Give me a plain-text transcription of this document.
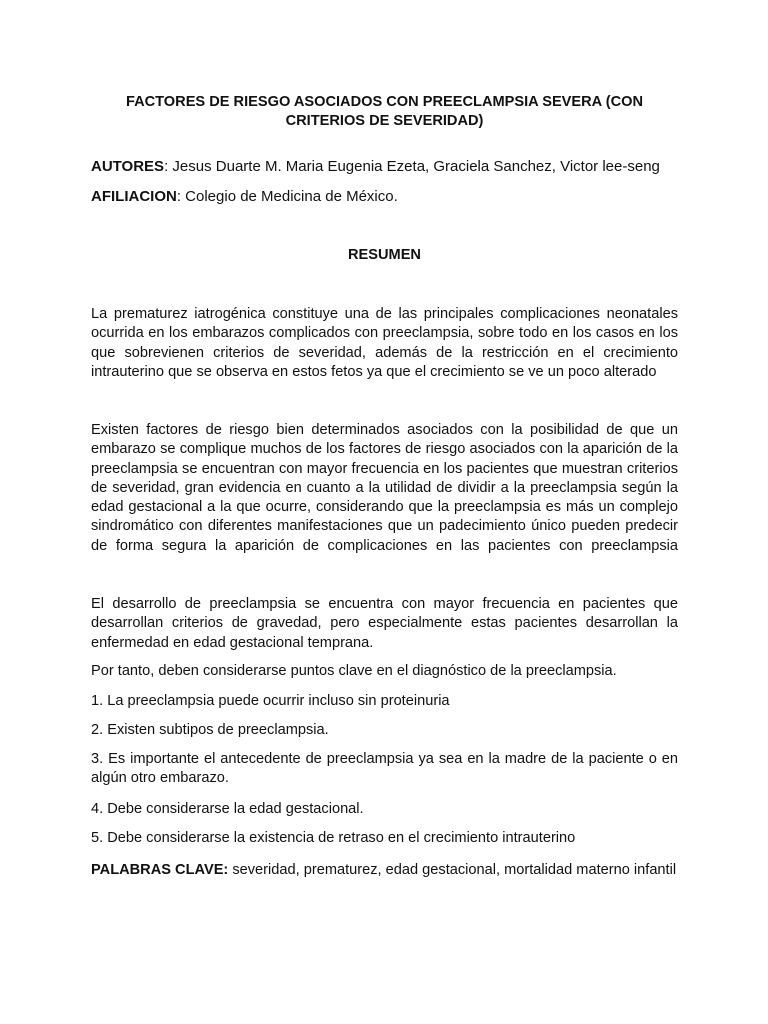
FACTORES DE RIESGO ASOCIADOS CON PREECLAMPSIA SEVERA (CON CRITERIOS DE SEVERIDAD)
AUTORES: Jesus Duarte M. Maria Eugenia Ezeta, Graciela Sanchez, Victor lee-seng
AFILIACION: Colegio de Medicina de México.
RESUMEN

La prematurez iatrogénica constituye una de las principales complicaciones neonatales ocurrida en los embarazos complicados con preeclampsia, sobre todo en los casos en los que sobrevienen criterios de severidad, además de la restricción en el crecimiento intrauterino que se observa en estos fetos ya que el crecimiento se ve un poco alterado

Existen factores de riesgo bien determinados asociados con la posibilidad de que un embarazo se complique muchos de los factores de riesgo asociados con la aparición de la preeclampsia se encuentran con mayor frecuencia en los pacientes que muestran criterios de severidad, gran evidencia en cuanto a la utilidad de dividir a la preeclampsia según la edad gestacional a la que ocurre, considerando que la preeclampsia es más un complejo sindromático con diferentes manifestaciones que un padecimiento único pueden predecir de forma segura la aparición de complicaciones en las pacientes con preeclampsia

El desarrollo de preeclampsia se encuentra con mayor frecuencia en pacientes que desarrollan criterios de gravedad, pero especialmente estas pacientes desarrollan la enfermedad en edad gestacional temprana.

Por tanto, deben considerarse puntos clave en el diagnóstico de la preeclampsia.

1. La preeclampsia puede ocurrir incluso sin proteinuria

2. Existen subtipos de preeclampsia.

3. Es importante el antecedente de preeclampsia ya sea en la madre de la paciente o en algún otro embarazo.

4. Debe considerarse la edad gestacional.

5. Debe considerarse la existencia de retraso en el crecimiento intrauterino

PALABRAS CLAVE: severidad, prematurez, edad gestacional, mortalidad materno infantil
